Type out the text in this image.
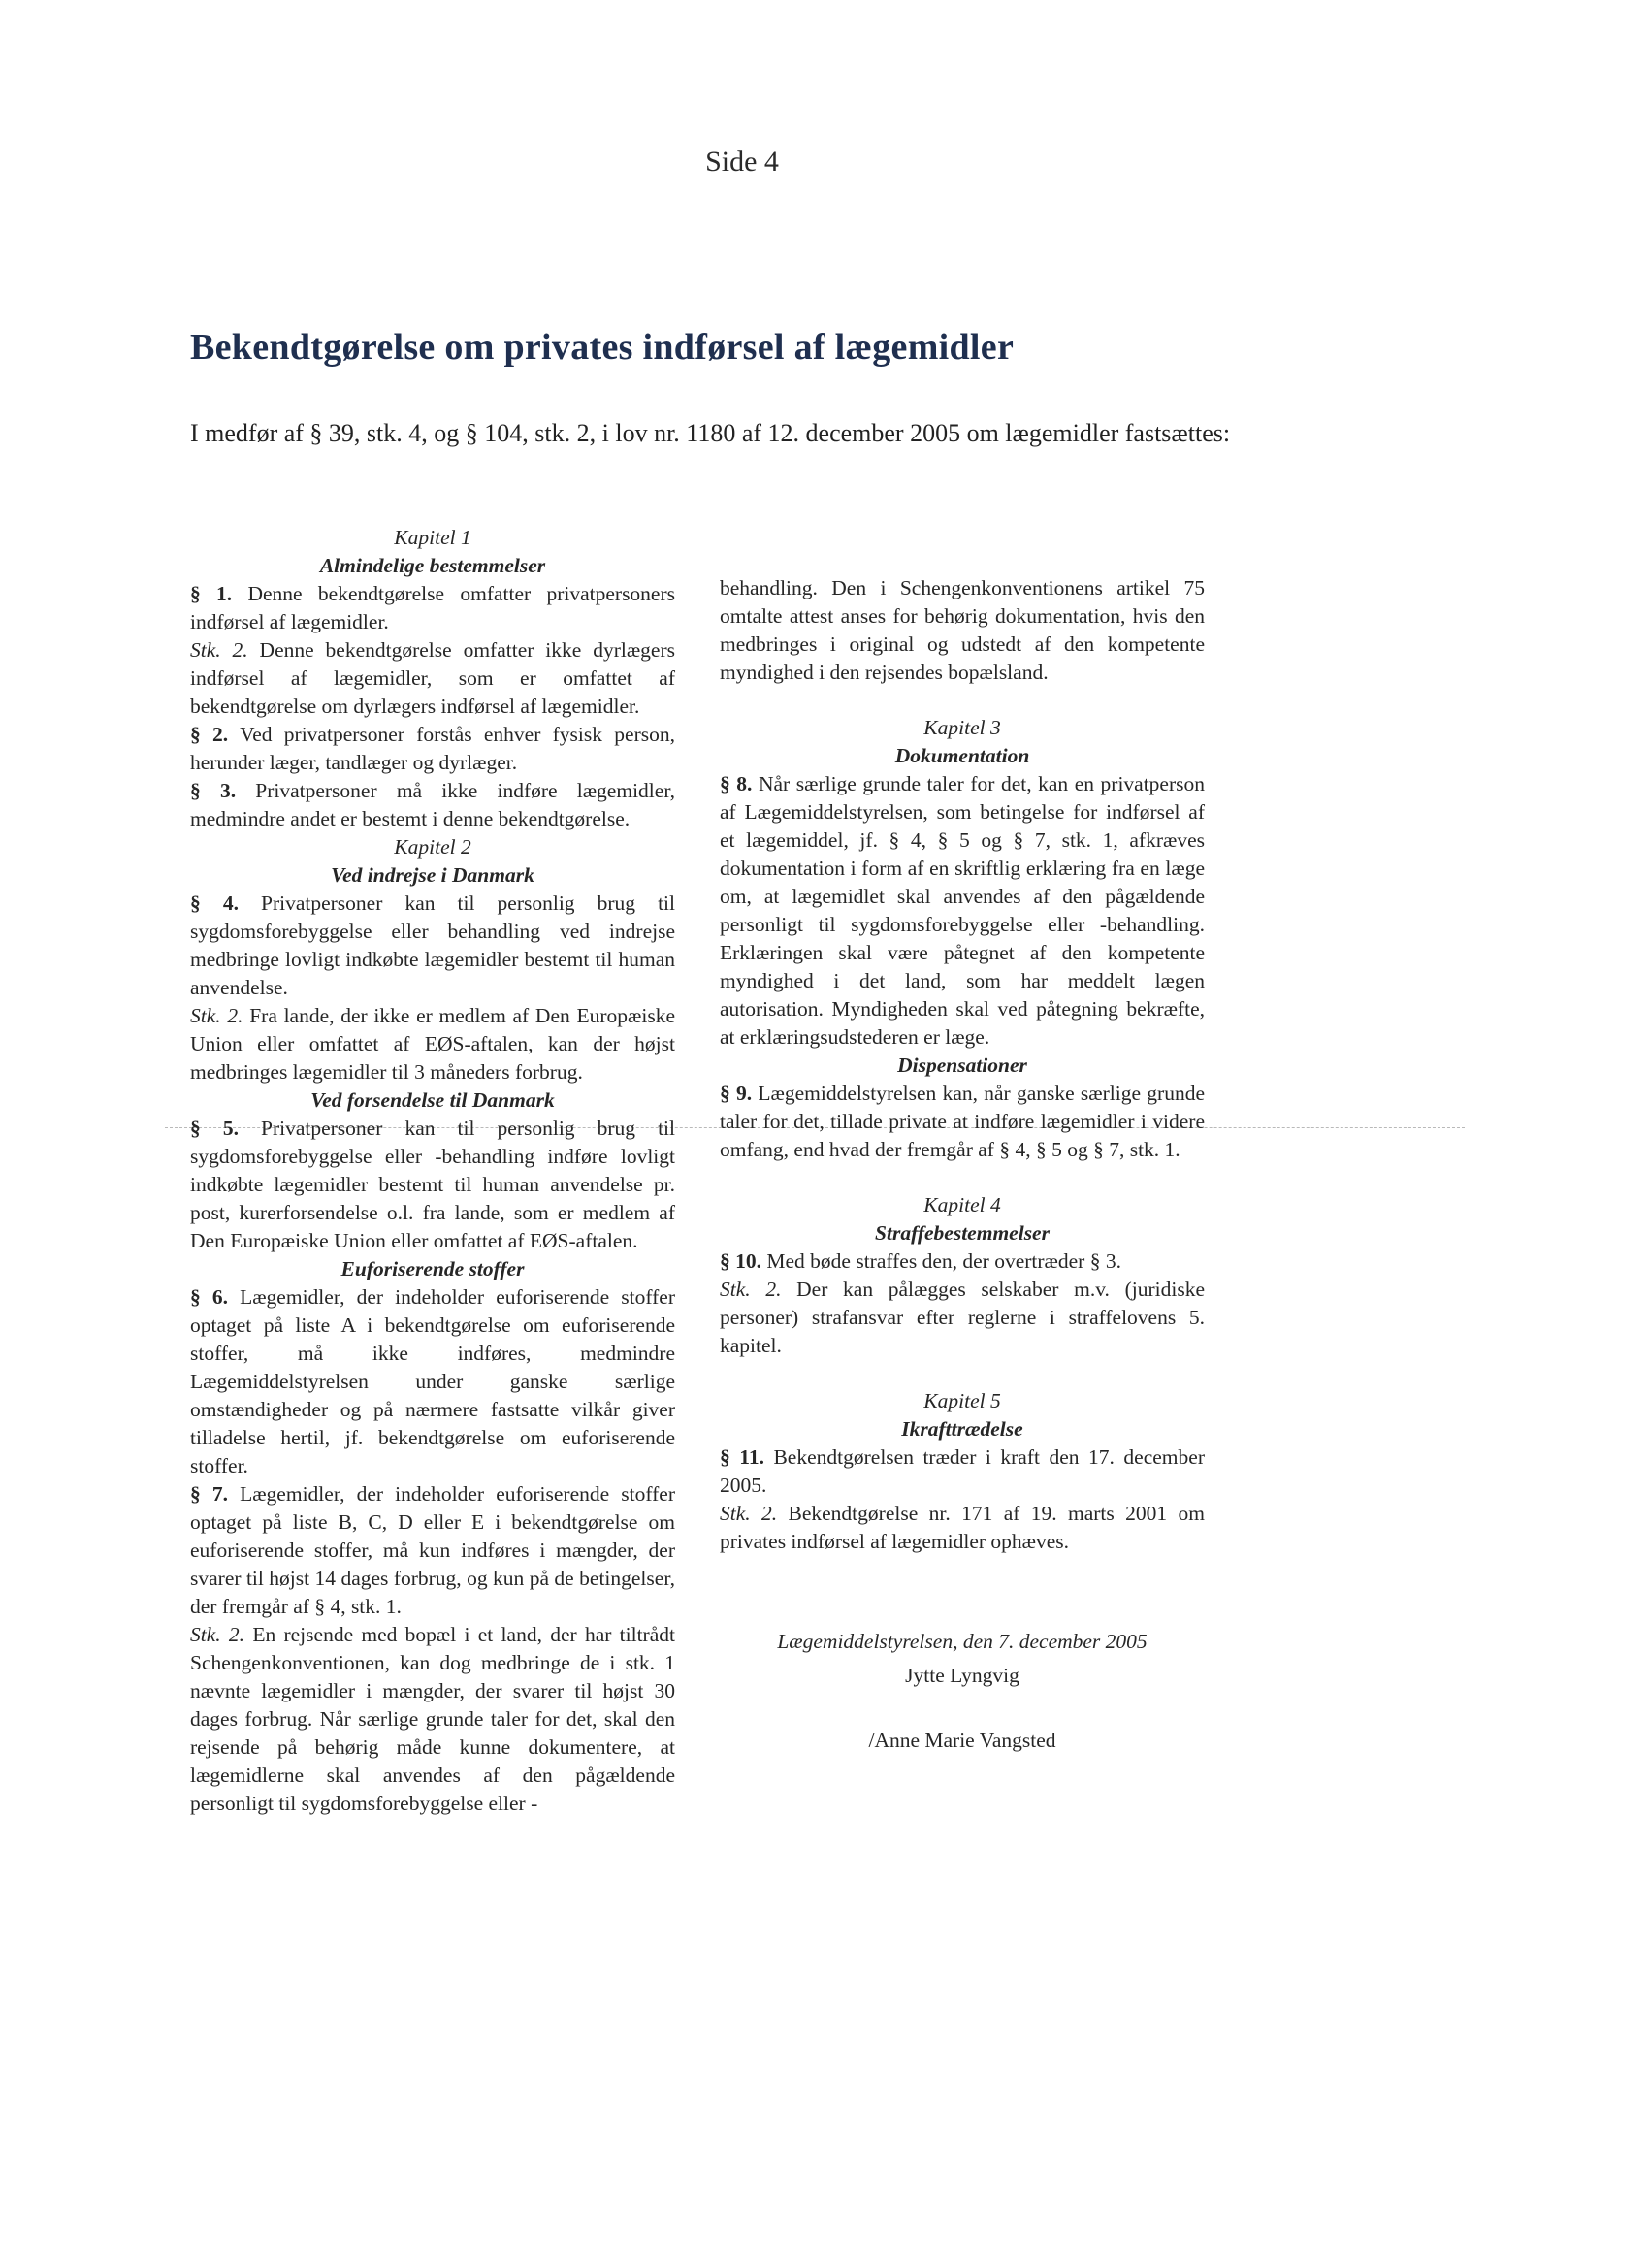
Side 4
Bekendtgørelse om privates indførsel af lægemidler
I medfør af § 39, stk. 4, og § 104, stk. 2, i lov nr. 1180 af 12. december 2005 om lægemidler fastsættes:
Kapitel 1
Almindelige bestemmelser

§ 1. Denne bekendtgørelse omfatter privatpersoners indførsel af lægemidler.

Stk. 2. Denne bekendtgørelse omfatter ikke dyrlægers indførsel af lægemidler, som er omfattet af bekendtgørelse om dyrlægers indførsel af lægemidler.

§ 2. Ved privatpersoner forstås enhver fysisk person, herunder læger, tandlæger og dyrlæger.

§ 3. Privatpersoner må ikke indføre lægemidler, medmindre andet er bestemt i denne bekendtgørelse.

Kapitel 2
Ved indrejse i Danmark

§ 4. Privatpersoner kan til personlig brug til sygdomsforebyggelse eller behandling ved indrejse medbringe lovligt indkøbte lægemidler bestemt til human anvendelse.

Stk. 2. Fra lande, der ikke er medlem af Den Europæiske Union eller omfattet af EØS-aftalen, kan der højst medbringes lægemidler til 3 måneders forbrug.

Ved forsendelse til Danmark

§ 5. Privatpersoner kan til personlig brug til sygdomsforebyggelse eller -behandling indføre lovligt indkøbte lægemidler bestemt til human anvendelse pr. post, kurerforsendelse o.l. fra lande, som er medlem af Den Europæiske Union eller omfattet af EØS-aftalen.

Euforiserende stoffer

§ 6. Lægemidler, der indeholder euforiserende stoffer optaget på liste A i bekendtgørelse om euforiserende stoffer, må ikke indføres, medmindre Lægemiddelstyrelsen under ganske særlige omstændigheder og på nærmere fastsatte vilkår giver tilladelse hertil, jf. bekendtgørelse om euforiserende stoffer.

§ 7. Lægemidler, der indeholder euforiserende stoffer optaget på liste B, C, D eller E i bekendtgørelse om euforiserende stoffer, må kun indføres i mængder, der svarer til højst 14 dages forbrug, og kun på de betingelser, der fremgår af § 4, stk. 1.

Stk. 2. En rejsende med bopæl i et land, der har tiltrådt Schengenkonventionen, kan dog medbringe de i stk. 1 nævnte lægemidler i mængder, der svarer til højst 30 dages forbrug. Når særlige grunde taler for det, skal den rejsende på behørig måde kunne dokumentere, at lægemidlerne skal anvendes af den pågældende personligt til sygdomsforebyggelse eller -

behandling. Den i Schengenkonventionens artikel 75 omtalte attest anses for behørig dokumentation, hvis den medbringes i original og udstedt af den kompetente myndighed i den rejsendes bopælsland.

Kapitel 3
Dokumentation

§ 8. Når særlige grunde taler for det, kan en privatperson af Lægemiddelstyrelsen, som betingelse for indførsel af et lægemiddel, jf. § 4, § 5 og § 7, stk. 1, afkræves dokumentation i form af en skriftlig erklæring fra en læge om, at lægemidlet skal anvendes af den pågældende personligt til sygdomsforebyggelse eller -behandling. Erklæringen skal være påtegnet af den kompetente myndighed i det land, som har meddelt lægen autorisation. Myndigheden skal ved påtegning bekræfte, at erklæringsudstederen er læge.

Dispensationer

§ 9. Lægemiddelstyrelsen kan, når ganske særlige grunde taler for det, tillade private at indføre lægemidler i videre omfang, end hvad der fremgår af § 4, § 5 og § 7, stk. 1.

Kapitel 4
Straffebestemmelser

§ 10. Med bøde straffes den, der overtræder § 3.

Stk. 2. Der kan pålægges selskaber m.v. (juridiske personer) strafansvar efter reglerne i straffelovens 5. kapitel.

Kapitel 5
Ikrafttrædelse

§ 11. Bekendtgørelsen træder i kraft den 17. december 2005.

Stk. 2. Bekendtgørelse nr. 171 af 19. marts 2001 om privates indførsel af lægemidler ophæves.

Lægemiddelstyrelsen, den 7. december 2005
Jytte Lyngvig
/Anne Marie Vangsted
